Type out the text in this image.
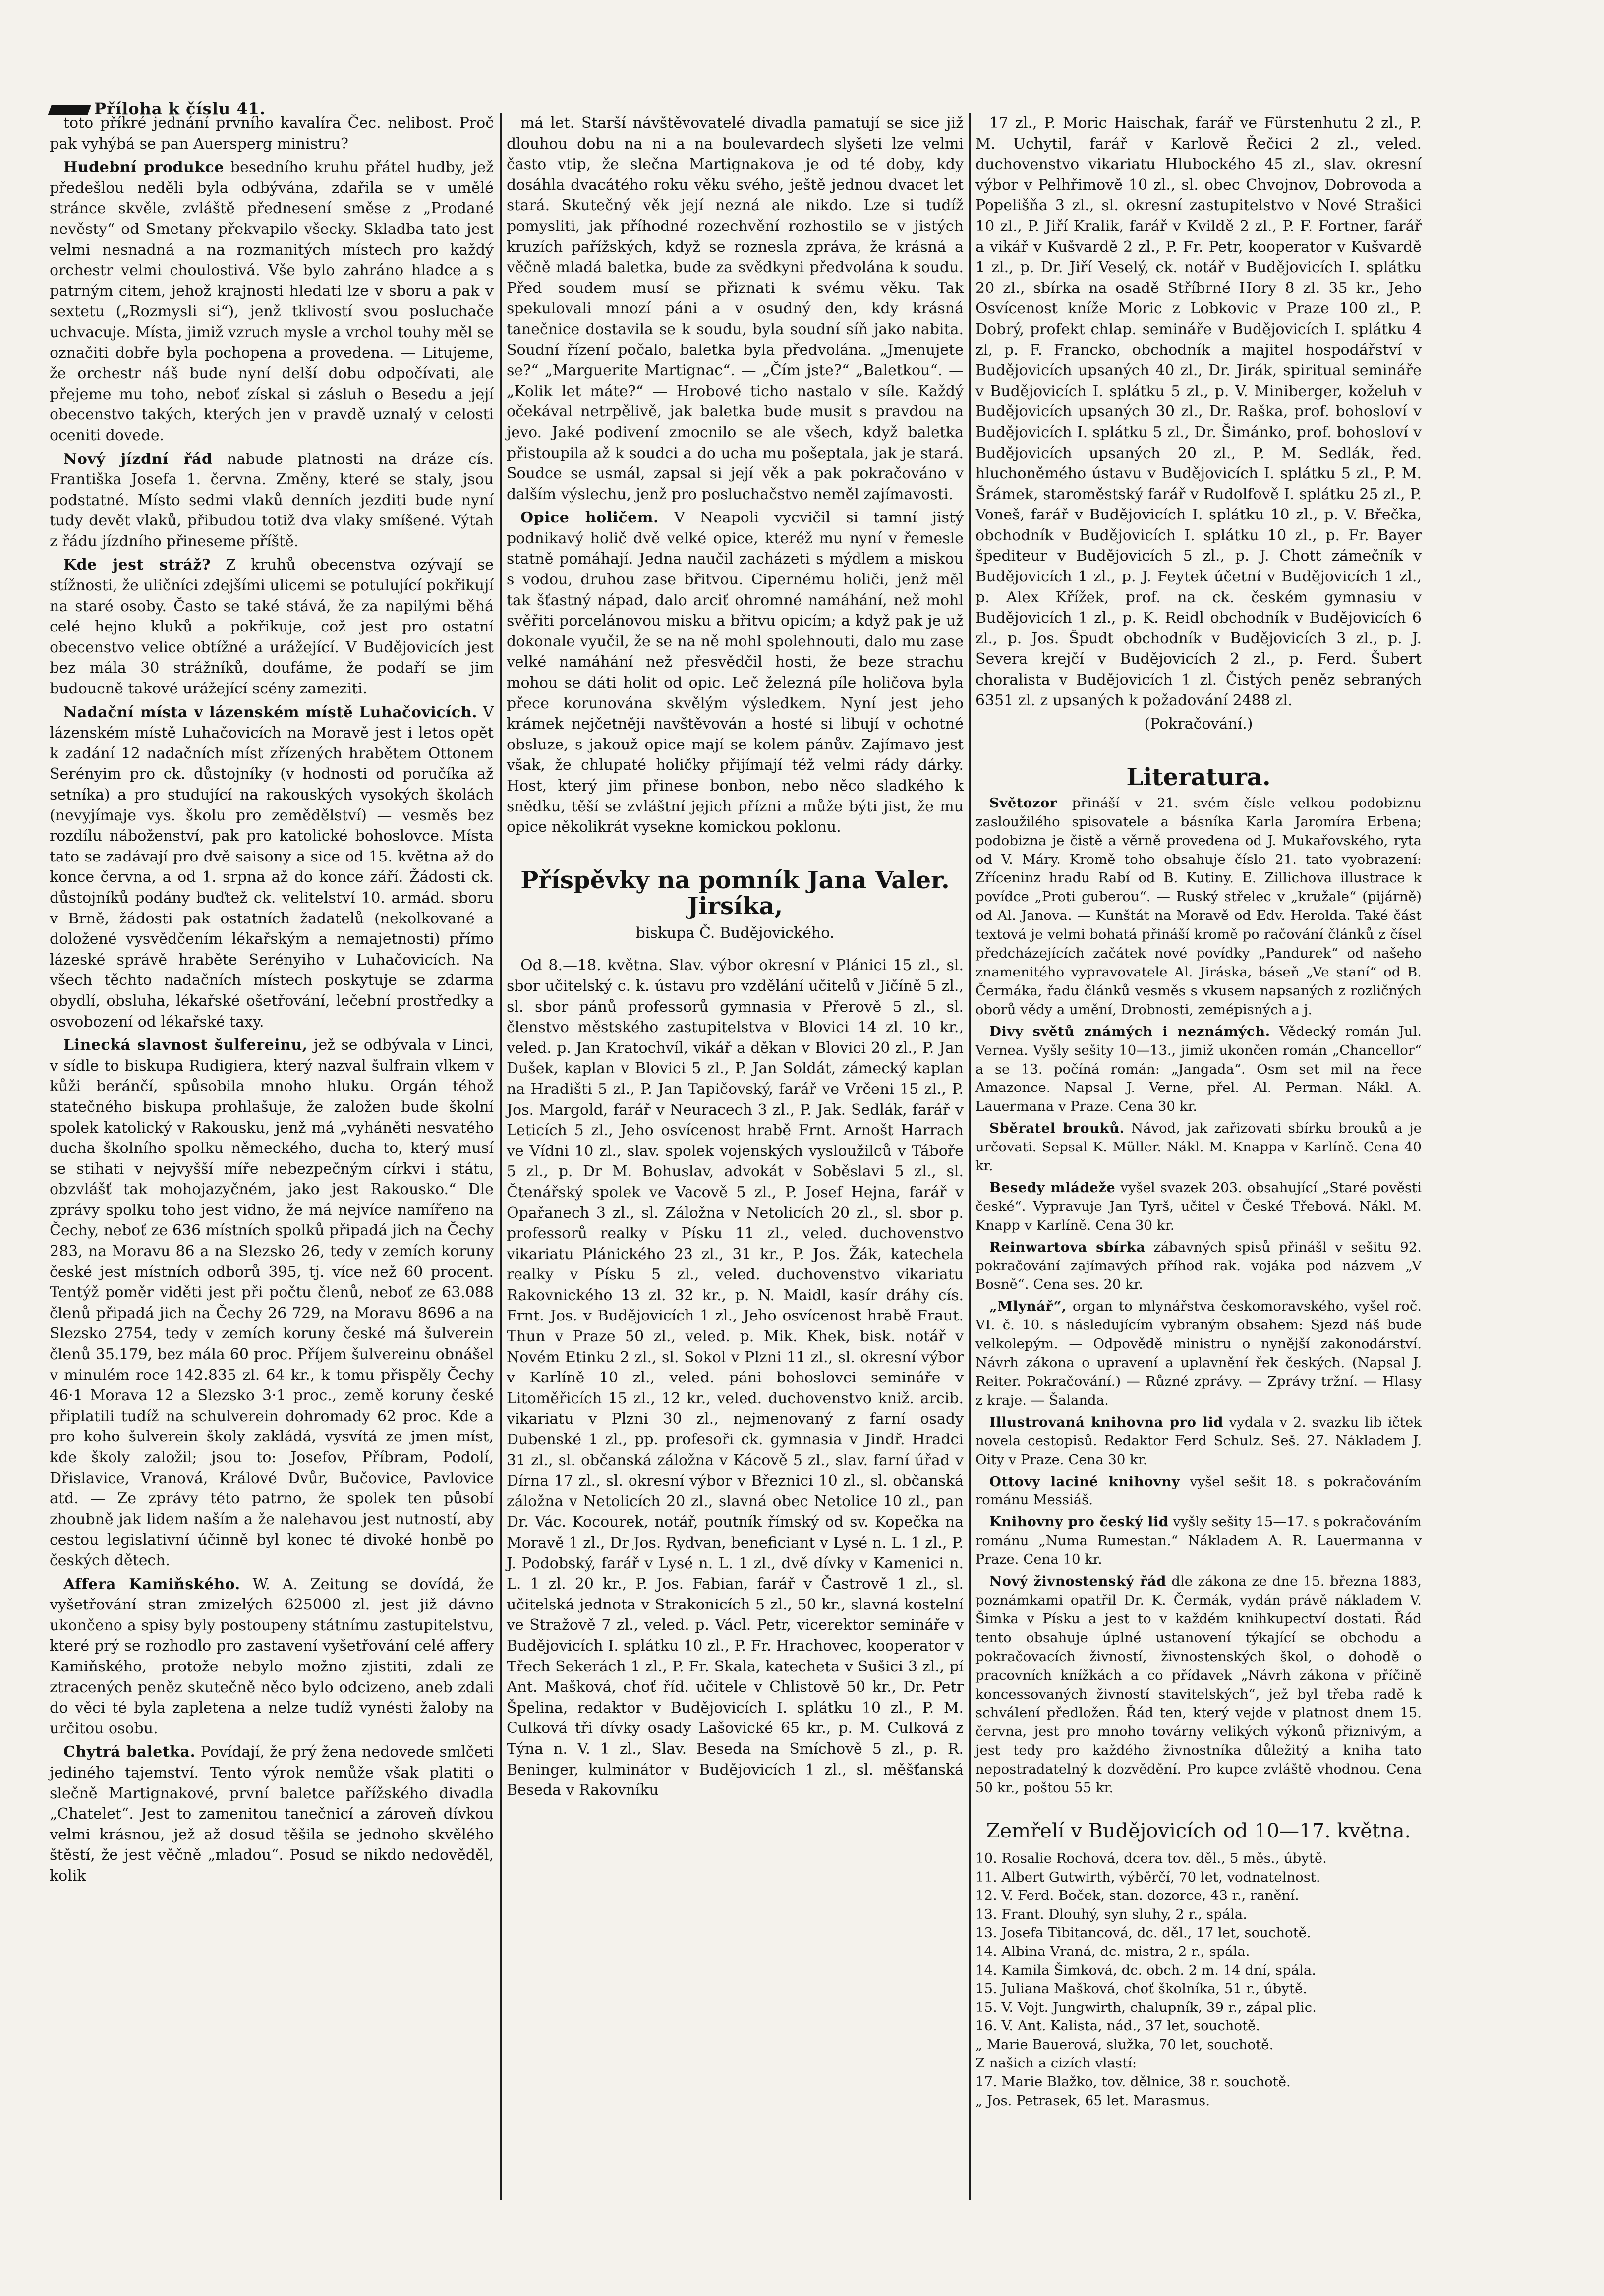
Příloha k číslu 41.

toto příkré jednání prvního kavalíra Čec. nelibost. Proč pak vyhýbá se pan Auersperg ministru?

Hudební produkce besedního kruhu přátel hudby, jež předešlou neděli byla odbývána, zdařila se v umělé stránce skvěle, zvláště přednesení směse z „Prodané nevěsty“ od Smetany překvapilo všecky. Skladba tato jest velmi nesnadná a na rozmanitých místech pro každý orchestr velmi choulostivá. Vše bylo zahráno hladce a s patrným citem, jehož krajnosti hledati lze v sboru a pak v sextetu („Rozmysli si“), jenž tklivostí svou posluchače uchvacuje. Místa, jimiž vzruch mysle a vrchol touhy měl se označiti dobře byla pochopena a provedena. — Litujeme, že orchestr náš bude nyní delší dobu odpočívati, ale přejeme mu toho, neboť získal si zásluh o Besedu a její obecenstvo takých, kterých jen v pravdě uznalý v celosti oceniti dovede.

Nový jízdní řád nabude platnosti na dráze cís. Františka Josefa 1. června. Změny, které se staly, jsou podstatné. Místo sedmi vlaků denních jezditi bude nyní tudy devět vlaků, přibudou totiž dva vlaky smíšené. Výtah z řádu jízdního přineseme příště.

Kde jest stráž? Z kruhů obecenstva ozývají se stížnosti, že uličníci zdejšími ulicemi se potulující pokřikují na staré osoby. Často se také stává, že za napilými běhá celé hejno kluků a pokřikuje, což jest pro ostatní obecenstvo velice obtížné a urážející. V Budějovicích jest bez mála 30 strážníků, doufáme, že podaří se jim budoucně takové urážející scény zameziti.

Nadační místa v lázenském místě Luhačovicích. V lázenském místě Luhačovicích na Moravě jest i letos opět k zadání 12 nadačních míst zřízených hrabětem Ottonem Serényim pro ck. důstojníky (v hodnosti od poručíka až setníka) a pro studující na rakouských vysokých školách (nevyjímaje vys. školu pro zemědělství) — vesměs bez rozdílu náboženství, pak pro katolické bohoslovce. Místa tato se zadávají pro dvě saisony a sice od 15. května až do konce června, a od 1. srpna až do konce září. Žádosti ck. důstojníků podány buďtež ck. velitelství 10. armád. sboru v Brně, žádosti pak ostatních žadatelů (nekolkované a doložené vysvědčením lékařským a nemajetnosti) přímo lázeské správě hraběte Serényiho v Luhačovicích. Na všech těchto nadačních místech poskytuje se zdarma obydlí, obsluha, lékařské ošetřování, lečební prostředky a osvobození od lékařské taxy.

Linecká slavnost šulfereinu, jež se odbývala v Linci, v sídle to biskupa Rudigiera, který nazval šulfrain vlkem v kůži beránčí, spůsobila mnoho hluku. Orgán téhož statečného biskupa prohlašuje, že založen bude školní spolek katolický v Rakousku, jenž má „vyháněti nesvatého ducha školního spolku německého, ducha to, který musí se stihati v nejvyšší míře nebezpečným církvi i státu, obzvlášť tak mohojazyčném, jako jest Rakousko.“ Dle zprávy spolku toho jest vidno, že má nejvíce namířeno na Čechy, neboť ze 636 místních spolků připadá jich na Čechy 283, na Moravu 86 a na Slezsko 26, tedy v zemích koruny české jest místních odborů 395, tj. více než 60 procent. Tentýž poměr viděti jest při počtu členů, neboť ze 63.088 členů připadá jich na Čechy 26 729, na Moravu 8696 a na Slezsko 2754, tedy v zemích koruny české má šulverein členů 35.179, bez mála 60 proc. Příjem šulvereinu obnášel v minulém roce 142.835 zl. 64 kr., k tomu přispěly Čechy 46·1 Morava 12 a Slezsko 3·1 proc., země koruny české připlatili tudíž na schulverein dohromady 62 proc. Kde a pro koho šulverein školy zakládá, vysvítá ze jmen míst, kde školy založil; jsou to: Josefov, Příbram, Podolí, Dřislavice, Vranová, Králové Dvůr, Bučovice, Pavlovice atd. — Ze zprávy této patrno, že spolek ten působí zhoubně jak lidem naším a že nalehavou jest nutností, aby cestou legislativní účinně byl konec té divoké honbě po českých dětech.

Affera Kamiňského. W. A. Zeitung se dovídá, že vyšetřování stran zmizelých 625000 zl. jest již dávno ukončeno a spisy byly postoupeny státnímu zastupitelstvu, které prý se rozhodlo pro zastavení vyšetřování celé affery Kamiňského, protože nebylo možno zjistiti, zdali ze ztracených peněz skutečně něco bylo odcizeno, aneb zdali do věci té byla zapletena a nelze tudíž vynésti žaloby na určitou osobu.

Chytrá baletka. Povídají, že prý žena nedovede smlčeti jediného tajemství. Tento výrok nemůže však platiti o slečně Martignakové, první baletce pařížského divadla „Chatelet“. Jest to zamenitou tanečnicí a zároveň dívkou velmi krásnou, jež až dosud těšila se jednoho skvělého štěstí, že jest věčně „mladou“. Posud se nikdo nedověděl, kolik

má let. Starší návštěvovatelé divadla pamatují se sice již dlouhou dobu na ni a na boulevardech slyšeti lze velmi často vtip, že slečna Martignakova je od té doby, kdy dosáhla dvacátého roku věku svého, ještě jednou dvacet let stará. Skutečný věk její nezná ale nikdo. Lze si tudíž pomysliti, jak příhodné rozechvění rozhostilo se v jistých kruzích pařížských, když se roznesla zpráva, že krásná a věčně mladá baletka, bude za svědkyni předvolána k soudu. Před soudem musí se přiznati k svému věku. Tak spekulovali mnozí páni a v osudný den, kdy krásná tanečnice dostavila se k soudu, byla soudní síň jako nabita. Soudní řízení počalo, baletka byla předvolána. „Jmenujete se?“ „Marguerite Martignac“. — „Čím jste?“ „Baletkou“. — „Kolik let máte?“ — Hrobové ticho nastalo v síle. Každý očekával netrpělivě, jak baletka bude musit s pravdou na jevo. Jaké podivení zmocnilo se ale všech, když baletka přistoupila až k soudci a do ucha mu pošeptala, jak je stará. Soudce se usmál, zapsal si její věk a pak pokračováno v dalším výslechu, jenž pro posluchačstvo neměl zajímavosti.

Opice holičem. V Neapoli vycvičil si tamní jistý podnikavý holič dvě velké opice, kteréž mu nyní v řemesle statně pomáhají. Jedna naučil zacházeti s mýdlem a miskou s vodou, druhou zase břitvou. Cipernému holiči, jenž měl tak šťastný nápad, dalo arciť ohromné namáhání, než mohl svěřiti porcelánovou misku a břitvu opicím; a když pak je už dokonale vyučil, že se na ně mohl spolehnouti, dalo mu zase velké namáhání než přesvědčil hosti, že beze strachu mohou se dáti holit od opic. Leč železná píle holičova byla přece korunována skvělým výsledkem. Nyní jest jeho krámek nejčetněji navštěvován a hosté si libují v ochotné obsluze, s jakouž opice mají se kolem pánův. Zajímavo jest však, že chlupaté holičky přijímají též velmi rády dárky. Host, který jim přinese bonbon, nebo něco sladkého k snědku, těší se zvláštní jejich přízni a může býti jist, že mu opice několikrát vysekne komickou poklonu.

Příspěvky na pomník Jana Valer. Jirsíka,
biskupa Č. Budějovického.

Od 8.—18. května. Slav. výbor okresní v Plánici 15 zl., sl. sbor učitelský c. k. ústavu pro vzdělání učitelů v Jičíně 5 zl., sl. sbor pánů professorů gymnasia v Přerově 5 zl., sl. členstvo městského zastupitelstva v Blovici 14 zl. 10 kr., veled. p. Jan Kratochvíl, vikář a děkan v Blovici 20 zl., P. Jan Dušek, kaplan v Blovici 5 zl., P. Jan Soldát, zámecký kaplan na Hradišti 5 zl., P. Jan Tapičovský, farář ve Vrčeni 15 zl., P. Jos. Margold, farář v Neuracech 3 zl., P. Jak. Sedlák, farář v Leticích 5 zl., Jeho osvícenost hrabě Frnt. Arnošt Harrach ve Vídni 10 zl., slav. spolek vojenských vysloužilců v Táboře 5 zl., p. Dr M. Bohuslav, advokát v Soběslavi 5 zl., sl. Čtenářský spolek ve Vacově 5 zl., P. Josef Hejna, farář v Opařanech 3 zl., sl. Záložna v Netolicích 20 zl., sl. sbor p. professorů realky v Písku 11 zl., veled. duchovenstvo vikariatu Plánického 23 zl., 31 kr., P. Jos. Žák, katechela realky v Písku 5 zl., veled. duchovenstvo vikariatu Rakovnického 13 zl. 32 kr., p. N. Maidl, kasír dráhy cís. Frnt. Jos. v Budějovicích 1 zl., Jeho osvícenost hrabě Fraut. Thun v Praze 50 zl., veled. p. Mik. Khek, bisk. notář v Novém Etinku 2 zl., sl. Sokol v Plzni 11 zl., sl. okresní výbor v Karlíně 10 zl., veled. páni bohoslovci semináře v Litoměřicích 15 zl., 12 kr., veled. duchovenstvo kniž. arcib. vikariatu v Plzni 30 zl., nejmenovaný z farní osady Dubenské 1 zl., pp. profesoři ck. gymnasia v Jindř. Hradci 31 zl., sl. občanská záložna v Kácově 5 zl., slav. farní úřad v Dírna 17 zl., sl. okresní výbor v Březnici 10 zl., sl. občanská záložna v Netolicích 20 zl., slavná obec Netolice 10 zl., pan Dr. Vác. Kocourek, notář, poutník římský od sv. Kopečka na Moravě 1 zl., Dr Jos. Rydvan, beneficiant v Lysé n. L. 1 zl., P. J. Podobský, farář v Lysé n. L. 1 zl., dvě dívky v Kamenici n. L. 1 zl. 20 kr., P. Jos. Fabian, farář v Častrově 1 zl., sl. učitelská jednota v Strakonicích 5 zl., 50 kr., slavná kostelní ve Stražově 7 zl., veled. p. Václ. Petr, vicerektor semináře v Budějovicích I. splátku 10 zl., P. Fr. Hrachovec, kooperator v Třech Sekerách 1 zl., P. Fr. Skala, katecheta v Sušici 3 zl., pí Ant. Mašková, choť říd. učitele v Chlistově 50 kr., Dr. Petr Špelina, redaktor v Budějovicích I. splátku 10 zl., P. M. Culková tři dívky osady Lašovické 65 kr., p. M. Culková z Týna n. V. 1 zl., Slav. Beseda na Smíchově 5 zl., p. R. Beninger, kulminátor v Budějovicích 1 zl., sl. měšťanská Beseda v Rakovníku

17 zl., P. Moric Haischak, farář ve Fürstenhutu 2 zl., P. M. Uchytil, farář v Karlově Řečici 2 zl., veled. duchovenstvo vikariatu Hlubockého 45 zl., slav. okresní výbor v Pelhřimově 10 zl., sl. obec Chvojnov, Dobrovoda a Popelišňa 3 zl., sl. okresní zastupitelstvo v Nové Strašici 10 zl., P. Jiří Kralik, farář v Kvildě 2 zl., P. F. Fortner, farář a vikář v Kušvardě 2 zl., P. Fr. Petr, kooperator v Kušvardě 1 zl., p. Dr. Jiří Veselý, ck. notář v Budějovicích I. splátku 20 zl., sbírka na osadě Stříbrné Hory 8 zl. 35 kr., Jeho Osvícenost kníže Moric z Lobkovic v Praze 100 zl., P. Dobrý, profekt chlap. semináře v Budějovicích I. splátku 4 zl, p. F. Francko, obchodník a majitel hospodářství v Budějovicích upsaných 40 zl., Dr. Jirák, spiritual semináře v Budějovicích I. splátku 5 zl., p. V. Miniberger, koželuh v Budějovicích upsaných 30 zl., Dr. Raška, prof. bohosloví v Budějovicích I. splátku 5 zl., Dr. Šimánko, prof. bohosloví v Budějovicích upsaných 20 zl., P. M. Sedlák, řed. hluchoněmého ústavu v Budějovicích I. splátku 5 zl., P. M. Šrámek, staroměstský farář v Rudolfově I. splátku 25 zl., P. Voneš, farář v Budějovicích I. splátku 10 zl., p. V. Břečka, obchodník v Budějovicích I. splátku 10 zl., p. Fr. Bayer špediteur v Budějovicích 5 zl., p. J. Chott zámečník v Budějovicích 1 zl., p. J. Feytek účetní v Budějovicích 1 zl., p. Alex Křížek, prof. na ck. českém gymnasiu v Budějovicích 1 zl., p. K. Reidl obchodník v Budějovicích 6 zl., p. Jos. Špudt obchodník v Budějovicích 3 zl., p. J. Severa krejčí v Budějovicích 2 zl., p. Ferd. Šubert choralista v Budějovicích 1 zl. Čistých peněz sebraných 6351 zl. z upsaných k požadování 2488 zl.

(Pokračování.)
Literatura.

Světozor přináší v 21. svém čísle velkou podobiznu zasloužilého spisovatele a básníka Karla Jaromíra Erbena; podobizna je čistě a věrně provedena od J. Mukařovského, ryta od V. Máry. Kromě toho obsahuje číslo 21. tato vyobrazení: Zříceninz hradu Rabí od B. Kutiny. E. Zillichova illustrace k povídce „Proti guberou“. — Ruský střelec v „kružale“ (pijárně) od Al. Janova. — Kunštát na Moravě od Edv. Herolda. Také část textová je velmi bohatá přináší kromě po račování článků z čísel předcházejících začátek nové povídky „Pandurek“ od našeho znamenitého vypravovatele Al. Jiráska, báseň „Ve staní“ od B. Čermáka, řadu článků vesměs s vkusem napsaných z rozličných oborů vědy a umění, Drobnosti, zemépisných a j.

Divy světů známých i neznámých. Vědecký román Jul. Vernea. Vyšly sešity 10—13., jimiž ukončen román „Chancellor“ a se 13. počíná román: „Jangada“. Osm set mil na řece Amazonce. Napsal J. Verne, přel. Al. Perman. Nákl. A. Lauermana v Praze. Cena 30 kr.

Sběratel brouků. Návod, jak zařizovati sbírku brouků a je určovati. Sepsal K. Müller. Nákl. M. Knappa v Karlíně. Cena 40 kr.

Besedy mládeže vyšel svazek 203. obsahující „Staré pověsti české“. Vypravuje Jan Tyrš, učitel v České Třebová. Nákl. M. Knapp v Karlíně. Cena 30 kr.

Reinwartova sbírka zábavných spisů přinášl v sešitu 92. pokračování zajímavých příhod rak. vojáka pod názvem „V Bosně“. Cena ses. 20 kr.

„Mlynář“, organ to mlynářstva českomoravského, vyšel roč. VI. č. 10. s následujícím vybraným obsahem: Sjezd náš bude velkolepým. — Odpovědě ministru o nynější zakonodárství. Návrh zákona o upravení a uplavnění řek českých. (Napsal J. Reiter. Pokračování.) — Různé zprávy. — Zprávy tržní. — Hlasy z kraje. — Šalanda.

Illustrovaná knihovna pro lid vydala v 2. svazku lib ičtek novela cestopisů. Redaktor Ferd Schulz. Seš. 27. Nákladem J. Oity v Praze. Cena 30 kr.

Ottovy laciné knihovny vyšel sešit 18. s pokračováním románu Messiáš.

Knihovny pro český lid vyšly sešity 15—17. s pokračováním románu „Numa Rumestan.“ Nákladem A. R. Lauermanna v Praze. Cena 10 kr.

Nový živnostenský řád dle zákona ze dne 15. března 1883, poznámkami opatřil Dr. K. Čermák, vydán právě nákladem V. Šimka v Písku a jest to v každém knihkupectví dostati. Řád tento obsahuje úplné ustanovení týkající se obchodu a pokračovacích živností, živnostenských škol, o dohodě o pracovních knížkách a co přídavek „Návrh zákona v příčině koncessovaných živností stavitelských“, jež byl třeba radě k schválení předložen. Řád ten, který vejde v platnost dnem 15. června, jest pro mnoho továrny velikých výkonů přiznivým, a jest tedy pro každého živnostníka důležitý a kniha tato nepostradatelný k dozvědění. Pro kupce zvláště vhodnou. Cena 50 kr., poštou 55 kr.

Zemřelí v Budějovicích od 10—17. května.
10. Rosalie Rochová, dcera tov. děl., 5 měs., úbytě.
11. Albert Gutwirth, výběrčí, 70 let, vodnatelnost.
12. V. Ferd. Boček, stan. dozorce, 43 r., ranění.
13. Frant. Dlouhý, syn sluhy, 2 r., spála.
13. Josefa Tibitancová, dc. děl., 17 let, souchotě.
14. Albina Vraná, dc. mistra, 2 r., spála.
14. Kamila Šimková, dc. obch. 2 m. 14 dní, spála.
15. Juliana Mašková, choť školníka, 51 r., úbytě.
15. V. Vojt. Jungwirth, chalupník, 39 r., zápal plic.
16. V. Ant. Kalista, nád., 37 let, souchotě.
„ Marie Bauerová, služka, 70 let, souchotě.
Z našich a cizích vlastí:
17. Marie Blažko, tov. dělnice, 38 r. souchotě.
„ Jos. Petrasek, 65 let. Marasmus.
